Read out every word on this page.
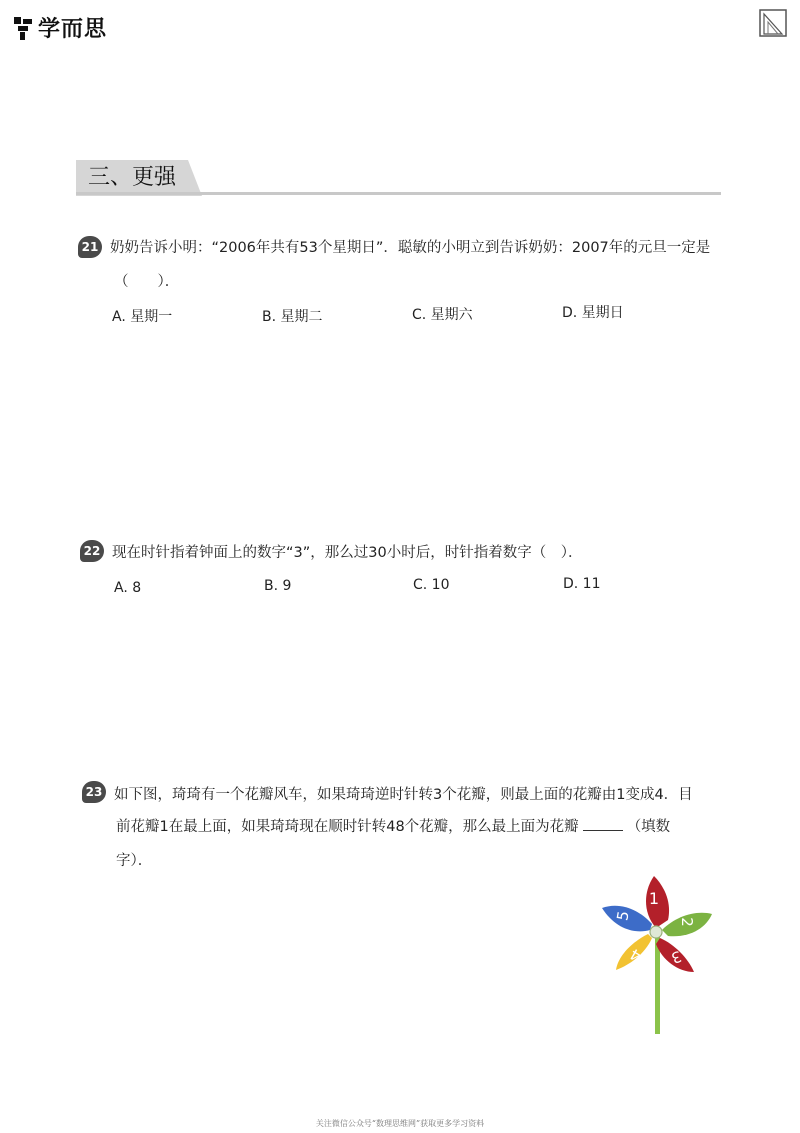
学而思
三、更强
21 奶奶告诉小明：“2006年共有53个星期日”．聪敏的小明立到告诉奶奶：2007年的元旦一定是
（　　）．
A. 星期一	B. 星期二	C. 星期六	D. 星期日
22 现在时针指着钟面上的数字“3”，那么过30小时后，时针指着数字（　）．
A. 8	B. 9	C. 10	D. 11
23 如下图，琦琦有一个花瓣风车，如果琦琦逆时针转3个花瓣，则最上面的花瓣由1变成4．目
前花瓣1在最上面，如果琦琦现在顺时针转48个花瓣，那么最上面为花瓣	（填数
字）．
1
2
3
4
5
关注微信公众号“数理思维网”获取更多学习资料
